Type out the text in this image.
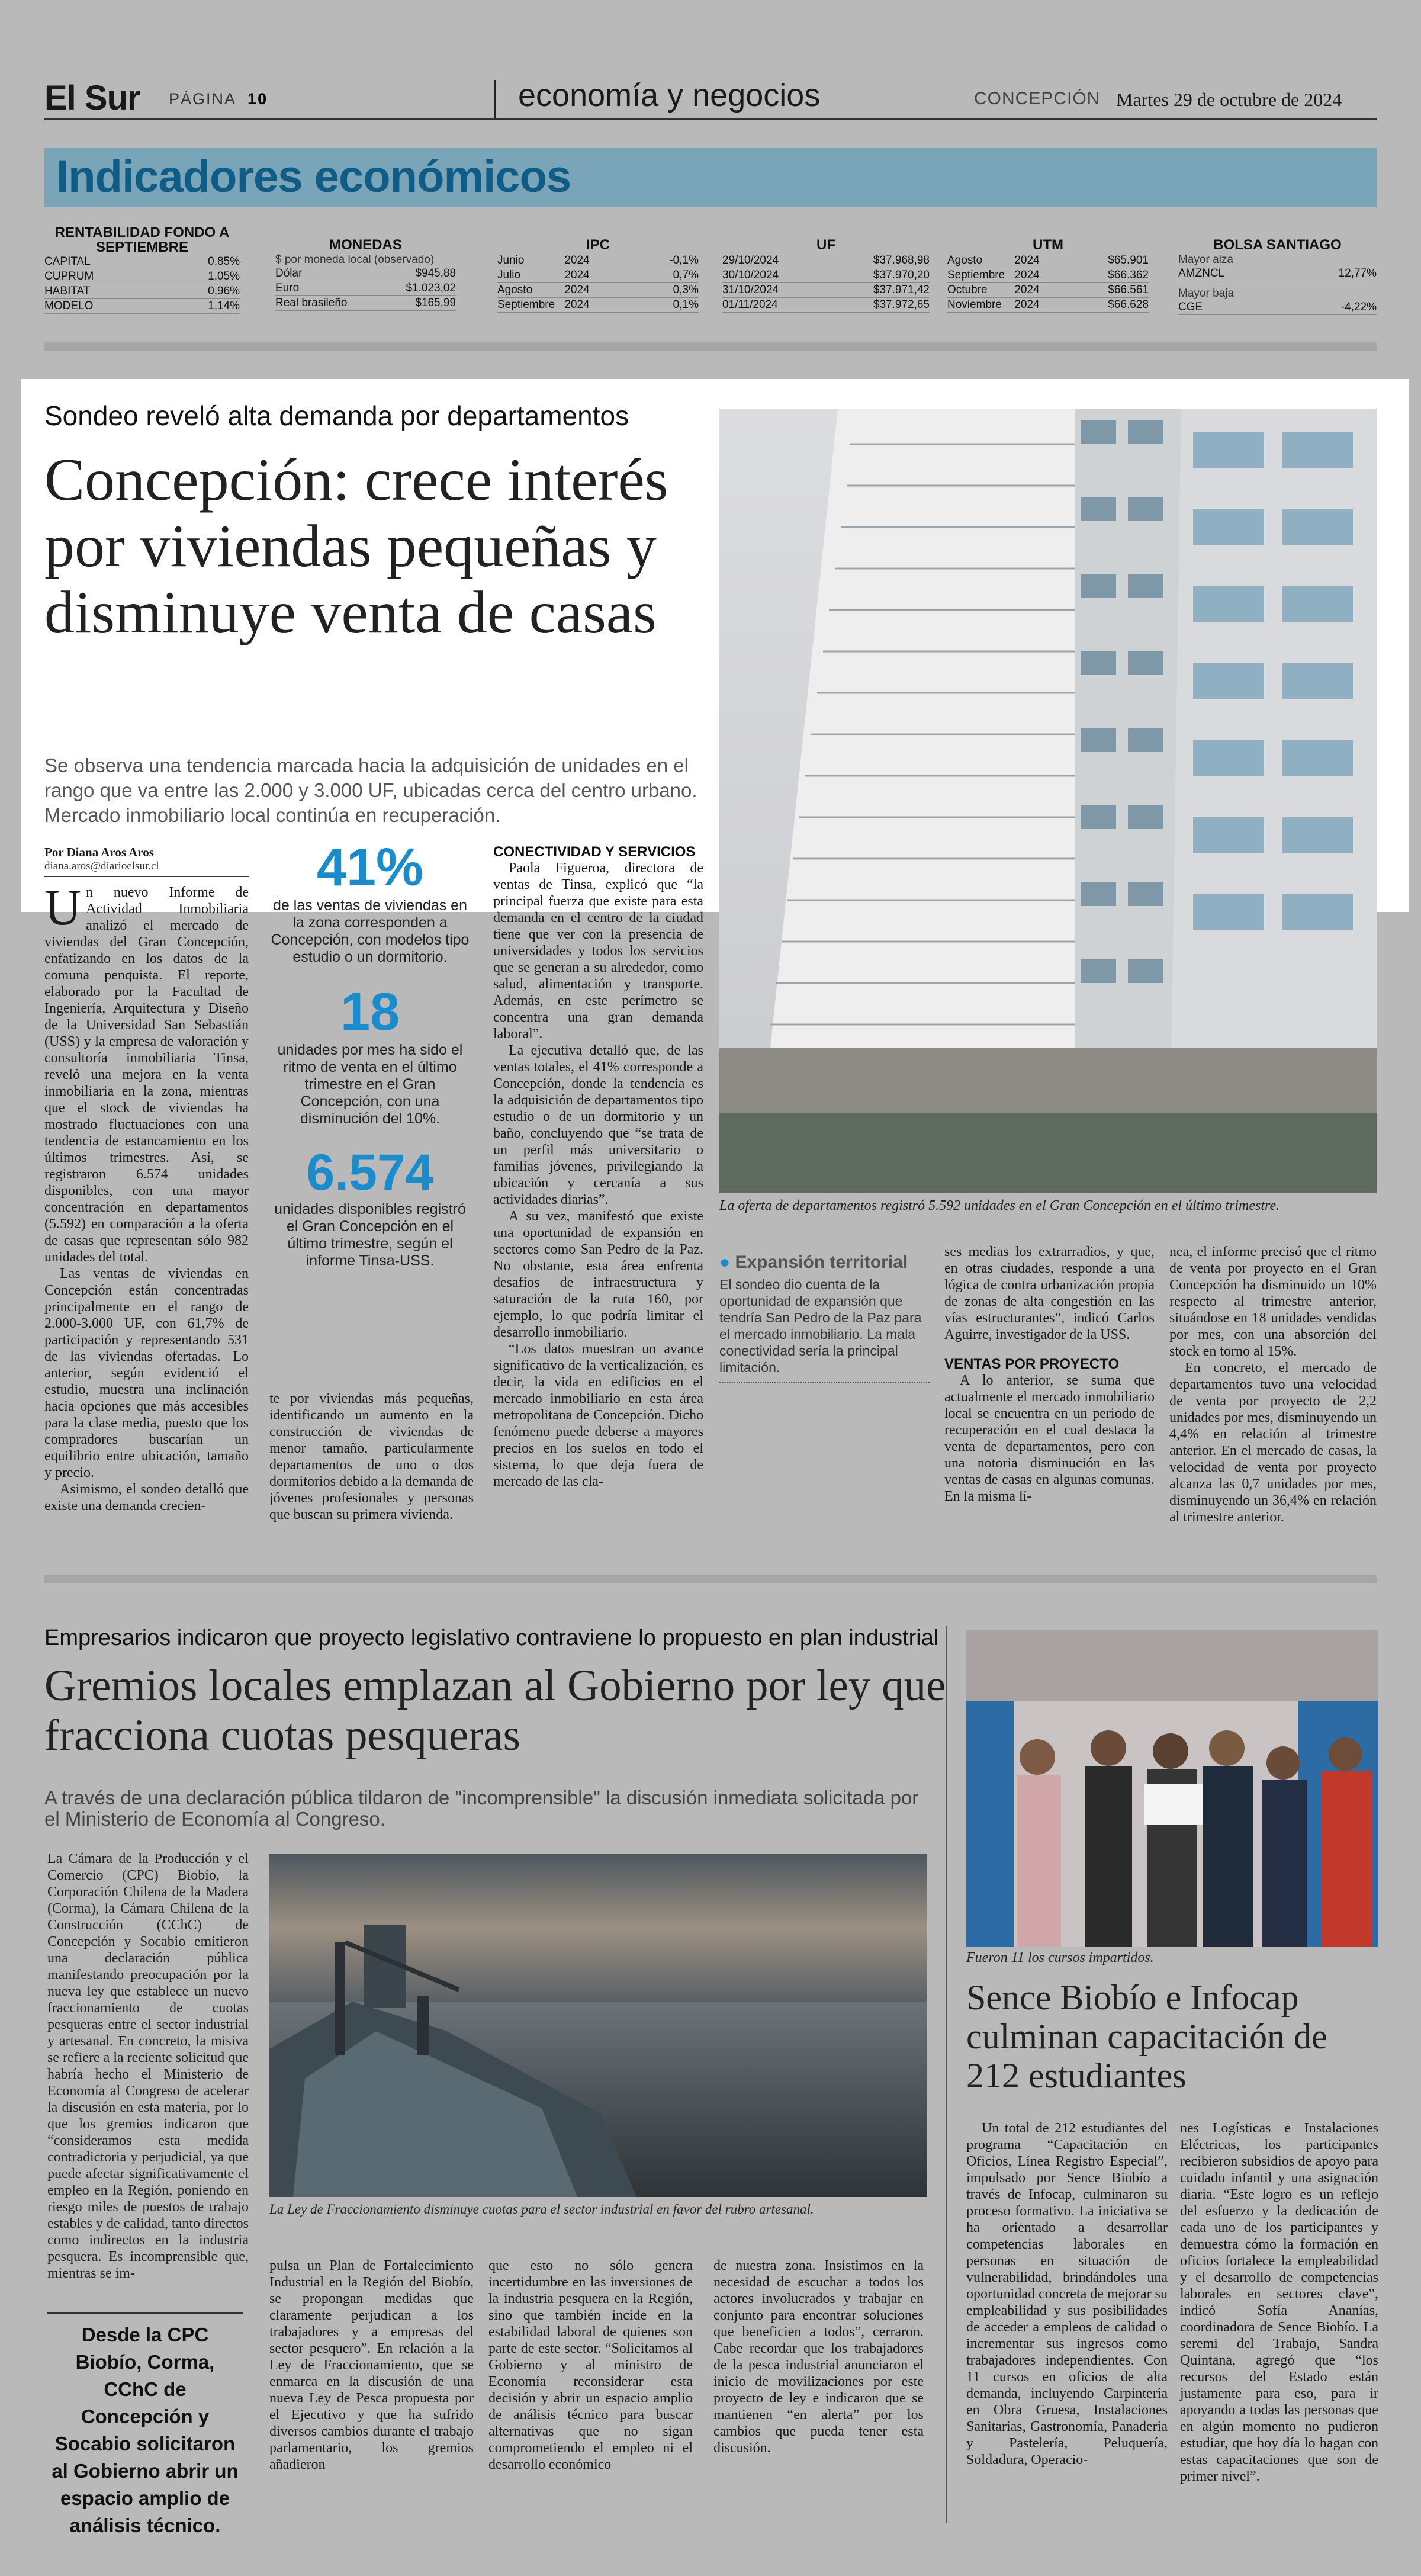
El Sur PÁGINA 10	economía y negocios	CONCEPCIÓN Martes 29 de octubre de 2024
Indicadores económicos
RENTABILIDAD FONDO A SEPTIEMBRE
CAPITAL	0,85%
CUPRUM	1,05%
HABITAT	0,96%
MODELO	1,14%
MONEDAS
$ por moneda local (observado)
Dólar	$945,88
Euro	$1.023,02
Real brasileño	$165,99
IPC
Junio	2024	-0,1%
Julio	2024	0,7%
Agosto	2024	0,3%
Septiembre 2024	0,1%
UF
29/10/2024	$37.968,98
30/10/2024	$37.970,20
31/10/2024	$37.971,42
01/11/2024	$37.972,65
UTM
Agosto	2024	$65.901
Septiembre 2024	$66.362
Octubre	2024	$66.561
Noviembre	2024	$66.628
BOLSA SANTIAGO
Mayor alza
AMZNCL	12,77%
Mayor baja
CGE	-4,22%
Sondeo reveló alta demanda por departamentos
Concepción: crece interés por viviendas pequeñas y disminuye venta de casas
Se observa una tendencia marcada hacia la adquisición de unidades en el rango que va entre las 2.000 y 3.000 UF, ubicadas cerca del centro urbano. Mercado inmobiliario local continúa en recuperación.
La oferta de departamentos registró 5.592 unidades en el Gran Concepción en el último trimestre.
Por Diana Aros Aros
diana.aros@diarioelsur.cl

Un nuevo Informe de Actividad Inmobiliaria analizó el mercado de viviendas del Gran Concepción, enfatizando en los datos de la comuna penquista. El reporte, elaborado por la Facultad de Ingeniería, Arquitectura y Diseño de la Universidad San Sebastián (USS) y la empresa de valoración y consultoría inmobiliaria Tinsa, reveló una mejora en la venta inmobiliaria en la zona, mientras que el stock de viviendas ha mostrado fluctuaciones con una tendencia de estancamiento en los últimos trimestres. Así, se registraron 6.574 unidades disponibles, con una mayor concentración en departamentos (5.592) en comparación a la oferta de casas que representan sólo 982 unidades del total.

Las ventas de viviendas en Concepción están concentradas principalmente en el rango de 2.000-3.000 UF, con 61,7% de participación y representando 531 de las viviendas ofertadas. Lo anterior, según evidenció el estudio, muestra una inclinación hacia opciones que más accesibles para la clase media, puesto que los compradores buscarían un equilibrio entre ubicación, tamaño y precio.

Asimismo, el sondeo detalló que existe una demanda crecien-

41%
de las ventas de viviendas en la zona corresponden a Concepción, con modelos tipo estudio o un dormitorio.
18
unidades por mes ha sido el ritmo de venta en el último trimestre en el Gran Concepción, con una disminución del 10%.
6.574
unidades disponibles registró el Gran Concepción en el último trimestre, según el informe Tinsa-USS.

te por viviendas más pequeñas, identificando un aumento en la construcción de viviendas de menor tamaño, particularmente departamentos de uno o dos dormitorios debido a la demanda de jóvenes profesionales y personas que buscan su primera vivienda.

CONECTIVIDAD Y SERVICIOS

Paola Figueroa, directora de ventas de Tinsa, explicó que “la principal fuerza que existe para esta demanda en el centro de la ciudad tiene que ver con la presencia de universidades y todos los servicios que se generan a su alrededor, como salud, alimentación y transporte. Además, en este perímetro se concentra una gran demanda laboral”.

La ejecutiva detalló que, de las ventas totales, el 41% corresponde a Concepción, donde la tendencia es la adquisición de departamentos tipo estudio o de un dormitorio y un baño, concluyendo que “se trata de un perfil más universitario o familias jóvenes, privilegiando la ubicación y cercanía a sus actividades diarias”.

A su vez, manifestó que existe una oportunidad de expansión en sectores como San Pedro de la Paz. No obstante, esta área enfrenta desafíos de infraestructura y saturación de la ruta 160, por ejemplo, lo que podría limitar el desarrollo inmobiliario.

“Los datos muestran un avance significativo de la verticalización, es decir, la vida en edificios en el mercado inmobiliario en esta área metropolitana de Concepción. Dicho fenómeno puede deberse a mayores precios en los suelos en todo el sistema, lo que deja fuera de mercado de las cla-

● Expansión territorial
El sondeo dio cuenta de la oportunidad de expansión que tendría San Pedro de la Paz para el mercado inmobiliario. La mala conectividad sería la principal limitación.

ses medias los extrarradios, y que, en otras ciudades, responde a una lógica de contra urbanización propia de zonas de alta congestión en las vías estructurantes”, indicó Carlos Aguirre, investigador de la USS.

VENTAS POR PROYECTO

A lo anterior, se suma que actualmente el mercado inmobiliario local se encuentra en un periodo de recuperación en el cual destaca la venta de departamentos, pero con una notoria disminución en las ventas de casas en algunas comunas. En la misma lí-

nea, el informe precisó que el ritmo de venta por proyecto en el Gran Concepción ha disminuido un 10% respecto al trimestre anterior, situándose en 18 unidades vendidas por mes, con una absorción del stock en torno al 15%.

En concreto, el mercado de departamentos tuvo una velocidad de venta por proyecto de 2,2 unidades por mes, disminuyendo un 4,4% en relación al trimestre anterior. En el mercado de casas, la velocidad de venta por proyecto alcanza las 0,7 unidades por mes, disminuyendo un 36,4% en relación al trimestre anterior.

Empresarios indicaron que proyecto legislativo contraviene lo propuesto en plan industrial
Gremios locales emplazan al Gobierno por ley que fracciona cuotas pesqueras
A través de una declaración pública tildaron de "incomprensible" la discusión inmediata solicitada por el Ministerio de Economía al Congreso.

La Cámara de la Producción y el Comercio (CPC) Biobío, la Corporación Chilena de la Madera (Corma), la Cámara Chilena de la Construcción (CChC) de Concepción y Socabio emitieron una declaración pública manifestando preocupación por la nueva ley que establece un nuevo fraccionamiento de cuotas pesqueras entre el sector industrial y artesanal. En concreto, la misiva se refiere a la reciente solicitud que habría hecho el Ministerio de Economía al Congreso de acelerar la discusión en esta materia, por lo que los gremios indicaron que “consideramos esta medida contradictoria y perjudicial, ya que puede afectar significativamente el empleo en la Región, poniendo en riesgo miles de puestos de trabajo estables y de calidad, tanto directos como indirectos en la industria pesquera. Es incomprensible que, mientras se im-

Desde la CPC Biobío, Corma, CChC de Concepción y Socabio solicitaron al Gobierno abrir un espacio amplio de análisis técnico.
La Ley de Fraccionamiento disminuye cuotas para el sector industrial en favor del rubro artesanal.

pulsa un Plan de Fortalecimiento Industrial en la Región del Biobío, se propongan medidas que claramente perjudican a los trabajadores y a empresas del sector pesquero”. En relación a la Ley de Fraccionamiento, que se enmarca en la discusión de una nueva Ley de Pesca propuesta por el Ejecutivo y que ha sufrido diversos cambios durante el trabajo parlamentario, los gremios añadieron

que esto no sólo genera incertidumbre en las inversiones de la industria pesquera en la Región, sino que también incide en la estabilidad laboral de quienes son parte de este sector. “Solicitamos al Gobierno y al ministro de Economía reconsiderar esta decisión y abrir un espacio amplio de análisis técnico para buscar alternativas que no sigan comprometiendo el empleo ni el desarrollo económico

de nuestra zona. Insistimos en la necesidad de escuchar a todos los actores involucrados y trabajar en conjunto para encontrar soluciones que beneficien a todos”, cerraron. Cabe recordar que los trabajadores de la pesca industrial anunciaron el inicio de movilizaciones por este proyecto de ley e indicaron que se mantienen “en alerta” por los cambios que pueda tener esta discusión.

Fueron 11 los cursos impartidos.
Sence Biobío e Infocap culminan capacitación de 212 estudiantes

Un total de 212 estudiantes del programa “Capacitación en Oficios, Línea Registro Especial”, impulsado por Sence Biobío a través de Infocap, culminaron su proceso formativo. La iniciativa se ha orientado a desarrollar competencias laborales en personas en situación de vulnerabilidad, brindándoles una oportunidad concreta de mejorar su empleabilidad y sus posibilidades de acceder a empleos de calidad o incrementar sus ingresos como trabajadores independientes. Con 11 cursos en oficios de alta demanda, incluyendo Carpintería en Obra Gruesa, Instalaciones Sanitarias, Gastronomía, Panadería y Pastelería, Peluquería, Soldadura, Operacio-

nes Logísticas e Instalaciones Eléctricas, los participantes recibieron subsidios de apoyo para cuidado infantil y una asignación diaria. “Este logro es un reflejo del esfuerzo y la dedicación de cada uno de los participantes y demuestra cómo la formación en oficios fortalece la empleabilidad y el desarrollo de competencias laborales en sectores clave”, indicó Sofía Ananías, coordinadora de Sence Biobío. La seremi del Trabajo, Sandra Quintana, agregó que “los recursos del Estado están justamente para eso, para ir apoyando a todas las personas que en algún momento no pudieron estudiar, que hoy día lo hagan con estas capacitaciones que son de primer nivel”.
